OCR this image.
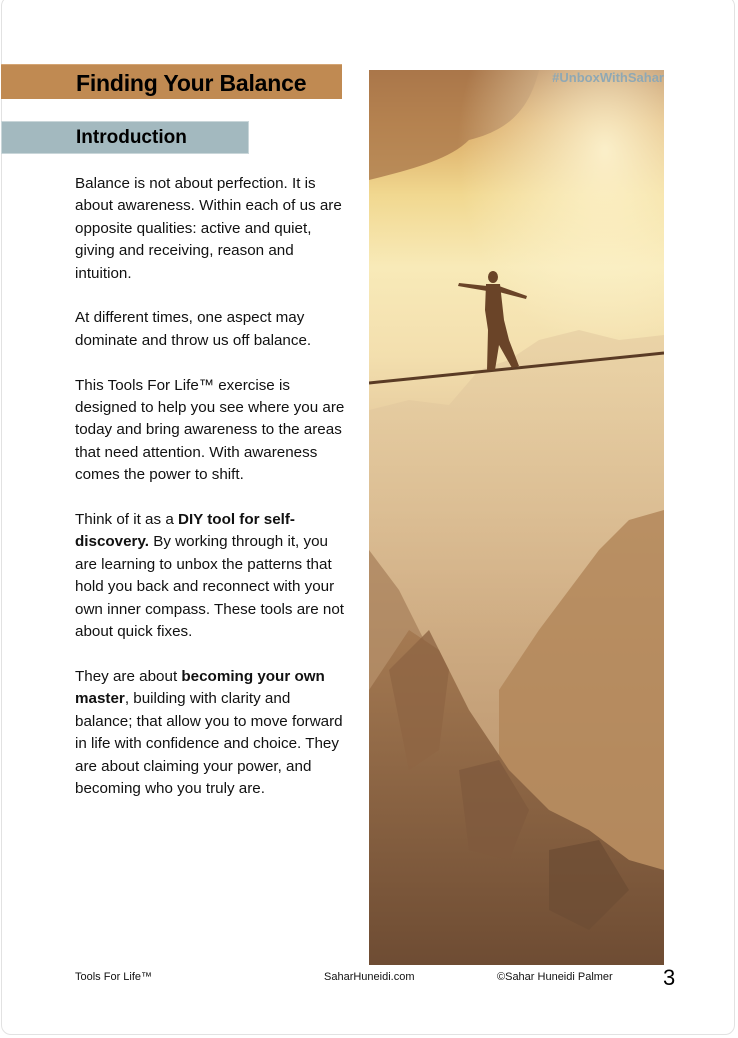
Finding Your Balance
Introduction

Balance is not about perfection. It is about awareness. Within each of us are opposite qualities: active and quiet, giving and receiving, reason and intuition.

At different times, one aspect may dominate and throw us off balance.

This Tools For Life™ exercise is designed to help you see where you are today and bring awareness to the areas that need attention. With awareness comes the power to shift.

Think of it as a DIY tool for self-discovery. By working through it, you are learning to unbox the patterns that hold you back and reconnect with your own inner compass. These tools are not about quick fixes.

They are about becoming your own master, building with clarity and balance; that allow you to move forward in life with confidence and choice. They are about claiming your power, and becoming who you truly are.

#UnboxWithSahar
Tools For Life™	SaharHuneidi.com	©Sahar Huneidi Palmer 3
